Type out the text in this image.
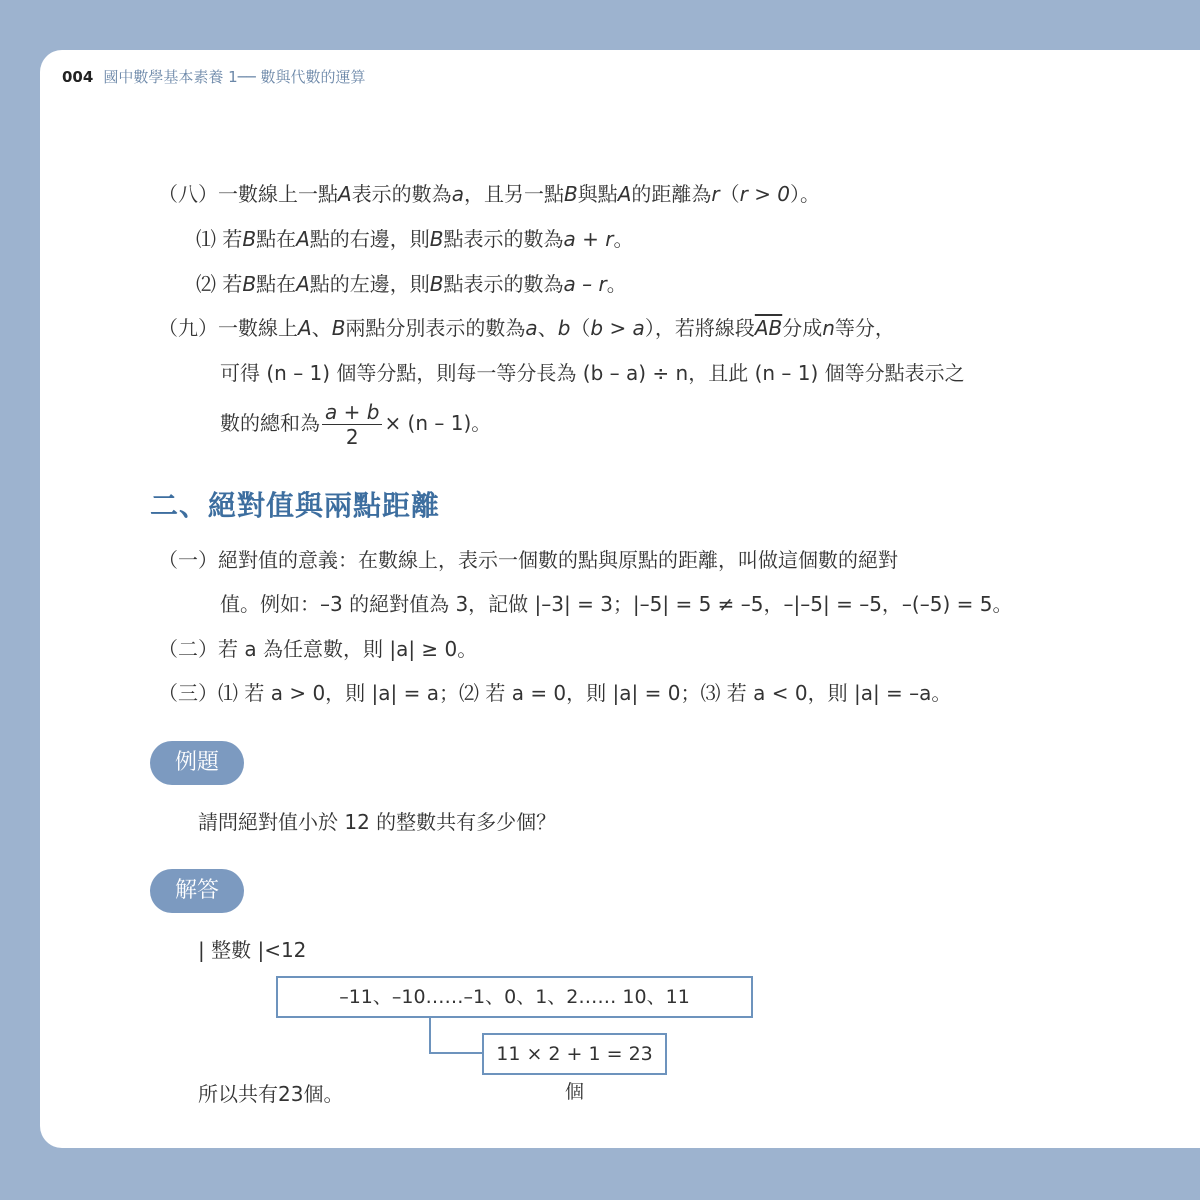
004 國中數學基本素養 1── 數與代數的運算
（八）一數線上一點A表示的數為a，且另一點B與點A的距離為r（r > 0）。
⑴ 若B點在A點的右邊，則B點表示的數為a + r。
⑵ 若B點在A點的左邊，則B點表示的數為a – r。
（九）一數線上A、B兩點分別表示的數為a、b（b > a），若將線段$\overline{AB}$分成n等分，
可得 (n – 1) 個等分點，則每一等分長為 (b – a) ÷ n，且此 (n – 1) 個等分點表示之
數的總和為 $\frac{a + b}{2} \times (n - 1)$。
二、絕對值與兩點距離
（一）絕對值的意義：在數線上，表示一個數的點與原點的距離，叫做這個數的絕對
值。例如：–3 的絕對值為 3，記做 |–3| = 3；|–5| = 5 ≠ –5，–|–5| = –5，–(–5) = 5。
（二）若 a 為任意數，則 |a| ≥ 0。
（三）⑴ 若 a > 0，則 |a| = a；⑵ 若 a = 0，則 |a| = 0；⑶ 若 a < 0，則 |a| = –a。
例題
請問絕對值小於 12 的整數共有多少個？
解答
| 整數 |<12
–11、–10……–1、0、1、2…… 10、11
11 × 2 + 1 = 23 個
所以共有23個。
